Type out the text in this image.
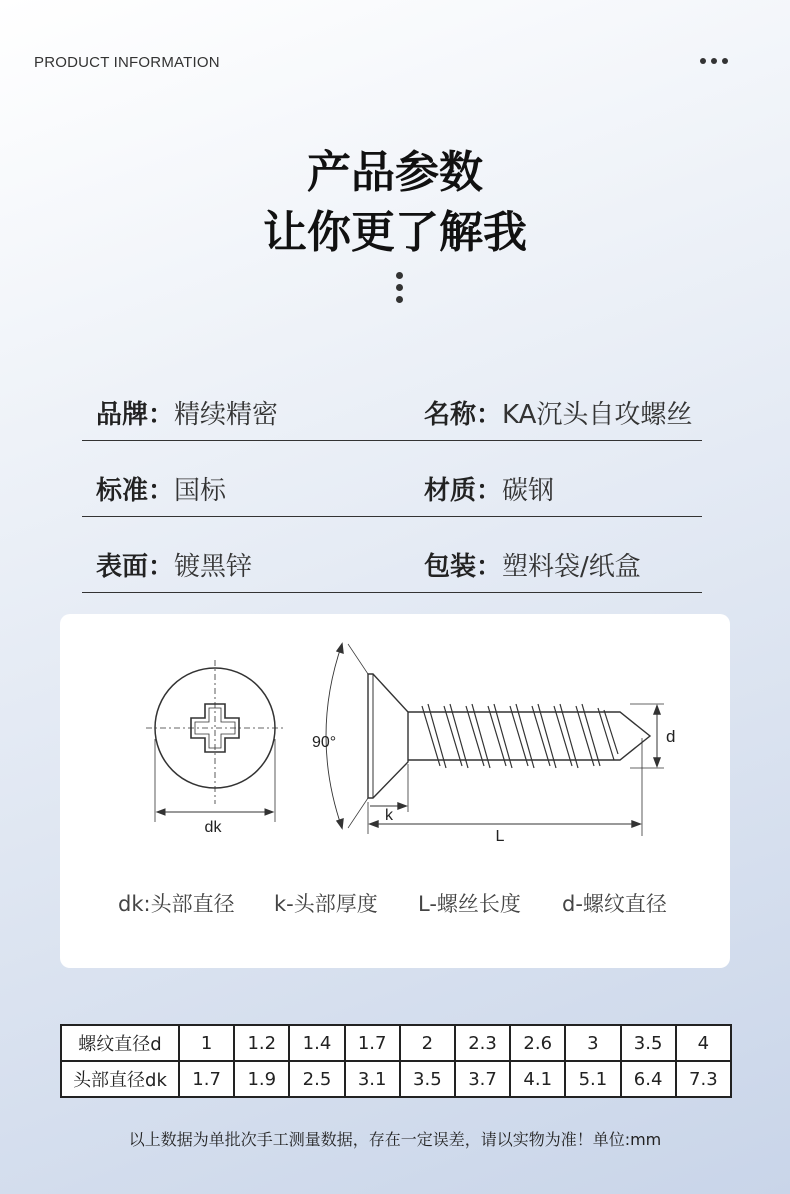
PRODUCT INFORMATION
产品参数
让你更了解我
品牌：精续精密	名称：KA沉头自攻螺丝
标准：国标	材质：碳钢
表面：镀黑锌	包装：塑料袋/纸盒
dk
90°	d
k
L
dk:头部直径 k-头部厚度 L-螺丝长度 d-螺纹直径
螺纹直径d	1	1.2	1.4	1.7	2	2.3	2.6	3	3.5	4
头部直径dk	1.7	1.9	2.5	3.1	3.5	3.7	4.1	5.1	6.4	7.3
以上数据为单批次手工测量数据，存在一定误差，请以实物为准！单位:mm
